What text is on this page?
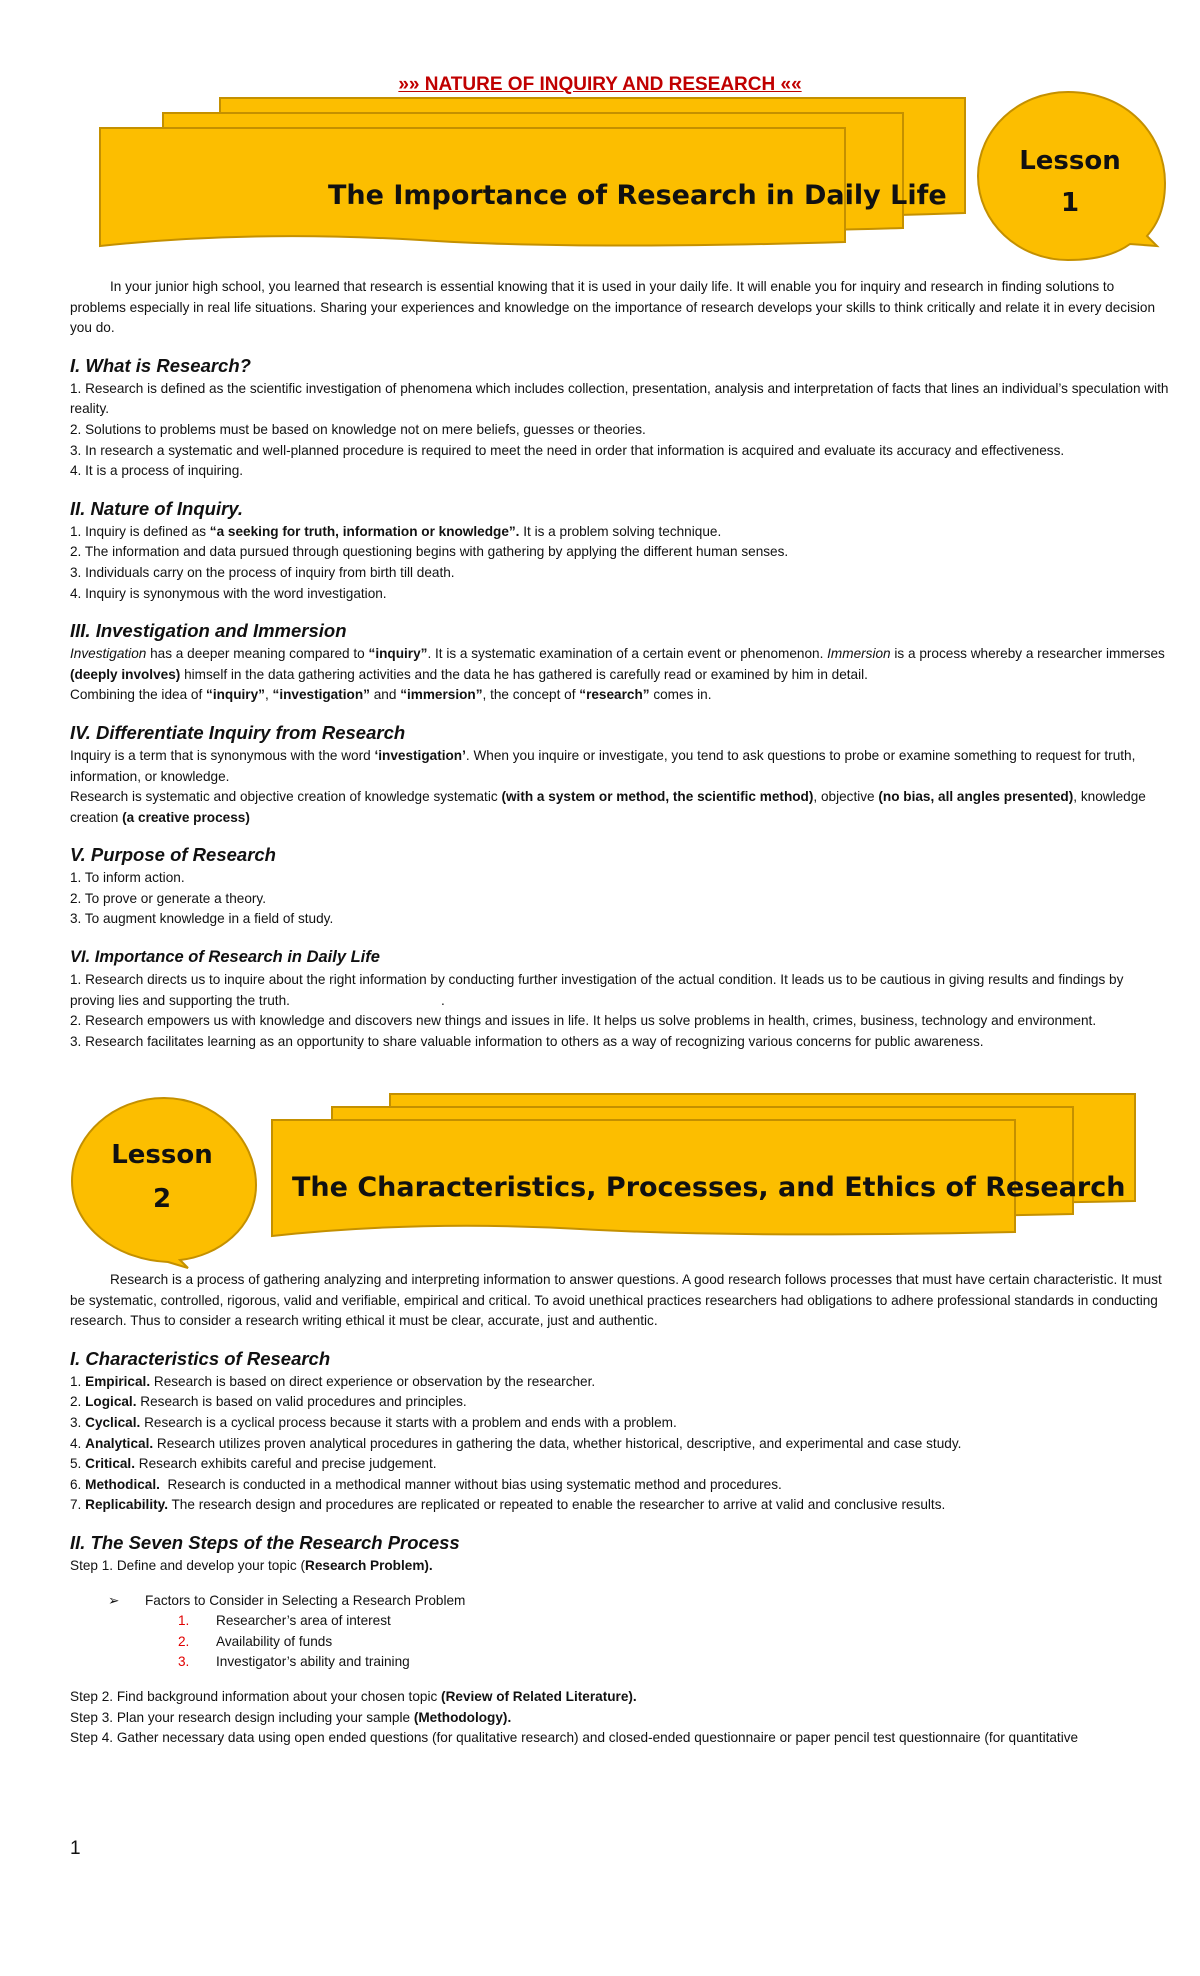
»» NATURE OF INQUIRY AND RESEARCH ««
The Importance of Research in Daily Life
Lesson
1

In your junior high school, you learned that research is essential knowing that it is used in your daily life. It will enable you for inquiry and research in finding solutions to problems especially in real life situations. Sharing your experiences and knowledge on the importance of research develops your skills to think critically and relate it in every decision you do.

I. What is Research?

1. Research is defined as the scientific investigation of phenomena which includes collection, presentation, analysis and interpretation of facts that lines an individual’s speculation with reality.

2. Solutions to problems must be based on knowledge not on mere beliefs, guesses or theories.

3. In research a systematic and well-planned procedure is required to meet the need in order that information is acquired and evaluate its accuracy and effectiveness.

4. It is a process of inquiring.

II. Nature of Inquiry.

1. Inquiry is defined as “a seeking for truth, information or knowledge”. It is a problem solving technique.

2. The information and data pursued through questioning begins with gathering by applying the different human senses.

3. Individuals carry on the process of inquiry from birth till death.

4. Inquiry is synonymous with the word investigation.

III. Investigation and Immersion

Investigation has a deeper meaning compared to “inquiry”. It is a systematic examination of a certain event or phenomenon. Immersion is a process whereby a researcher immerses (deeply involves) himself in the data gathering activities and the data he has gathered is carefully read or examined by him in detail.

Combining the idea of “inquiry”, “investigation” and “immersion”, the concept of “research” comes in.

IV. Differentiate Inquiry from Research

Inquiry is a term that is synonymous with the word ‘investigation’. When you inquire or investigate, you tend to ask questions to probe or examine something to request for truth, information, or knowledge.

Research is systematic and objective creation of knowledge systematic (with a system or method, the scientific method), objective (no bias, all angles presented), knowledge creation (a creative process)

V. Purpose of Research

1. To inform action.

2. To prove or generate a theory.

3. To augment knowledge in a field of study.

VI. Importance of Research in Daily Life

1. Research directs us to inquire about the right information by conducting further investigation of the actual condition. It leads us to be cautious in giving results and findings by proving lies and supporting the truth.                                        .

2. Research empowers us with knowledge and discovers new things and issues in life. It helps us solve problems in health, crimes, business, technology and environment.

3. Research facilitates learning as an opportunity to share valuable information to others as a way of recognizing various concerns for public awareness.

The Characteristics, Processes, and Ethics of Research
Lesson
2

Research is a process of gathering analyzing and interpreting information to answer questions. A good research follows processes that must have certain characteristic. It must be systematic, controlled, rigorous, valid and verifiable, empirical and critical. To avoid unethical practices researchers had obligations to adhere professional standards in conducting research. Thus to consider a research writing ethical it must be clear, accurate, just and authentic.

I. Characteristics of Research

1. Empirical. Research is based on direct experience or observation by the researcher.

2. Logical. Research is based on valid procedures and principles.

3. Cyclical. Research is a cyclical process because it starts with a problem and ends with a problem.

4. Analytical. Research utilizes proven analytical procedures in gathering the data, whether historical, descriptive, and experimental and case study.

5. Critical. Research exhibits careful and precise judgement.

6. Methodical.  Research is conducted in a methodical manner without bias using systematic method and procedures.

7. Replicability. The research design and procedures are replicated or repeated to enable the researcher to arrive at valid and conclusive results.

II. The Seven Steps of the Research Process

Step 1. Define and develop your topic (Research Problem).

➢ Factors to Consider in Selecting a Research Problem

1. Researcher’s area of interest

2. Availability of funds

3. Investigator’s ability and training

Step 2. Find background information about your chosen topic (Review of Related Literature).

Step 3. Plan your research design including your sample (Methodology).

Step 4. Gather necessary data using open ended questions (for qualitative research) and closed-ended questionnaire or paper pencil test questionnaire (for quantitative

1
